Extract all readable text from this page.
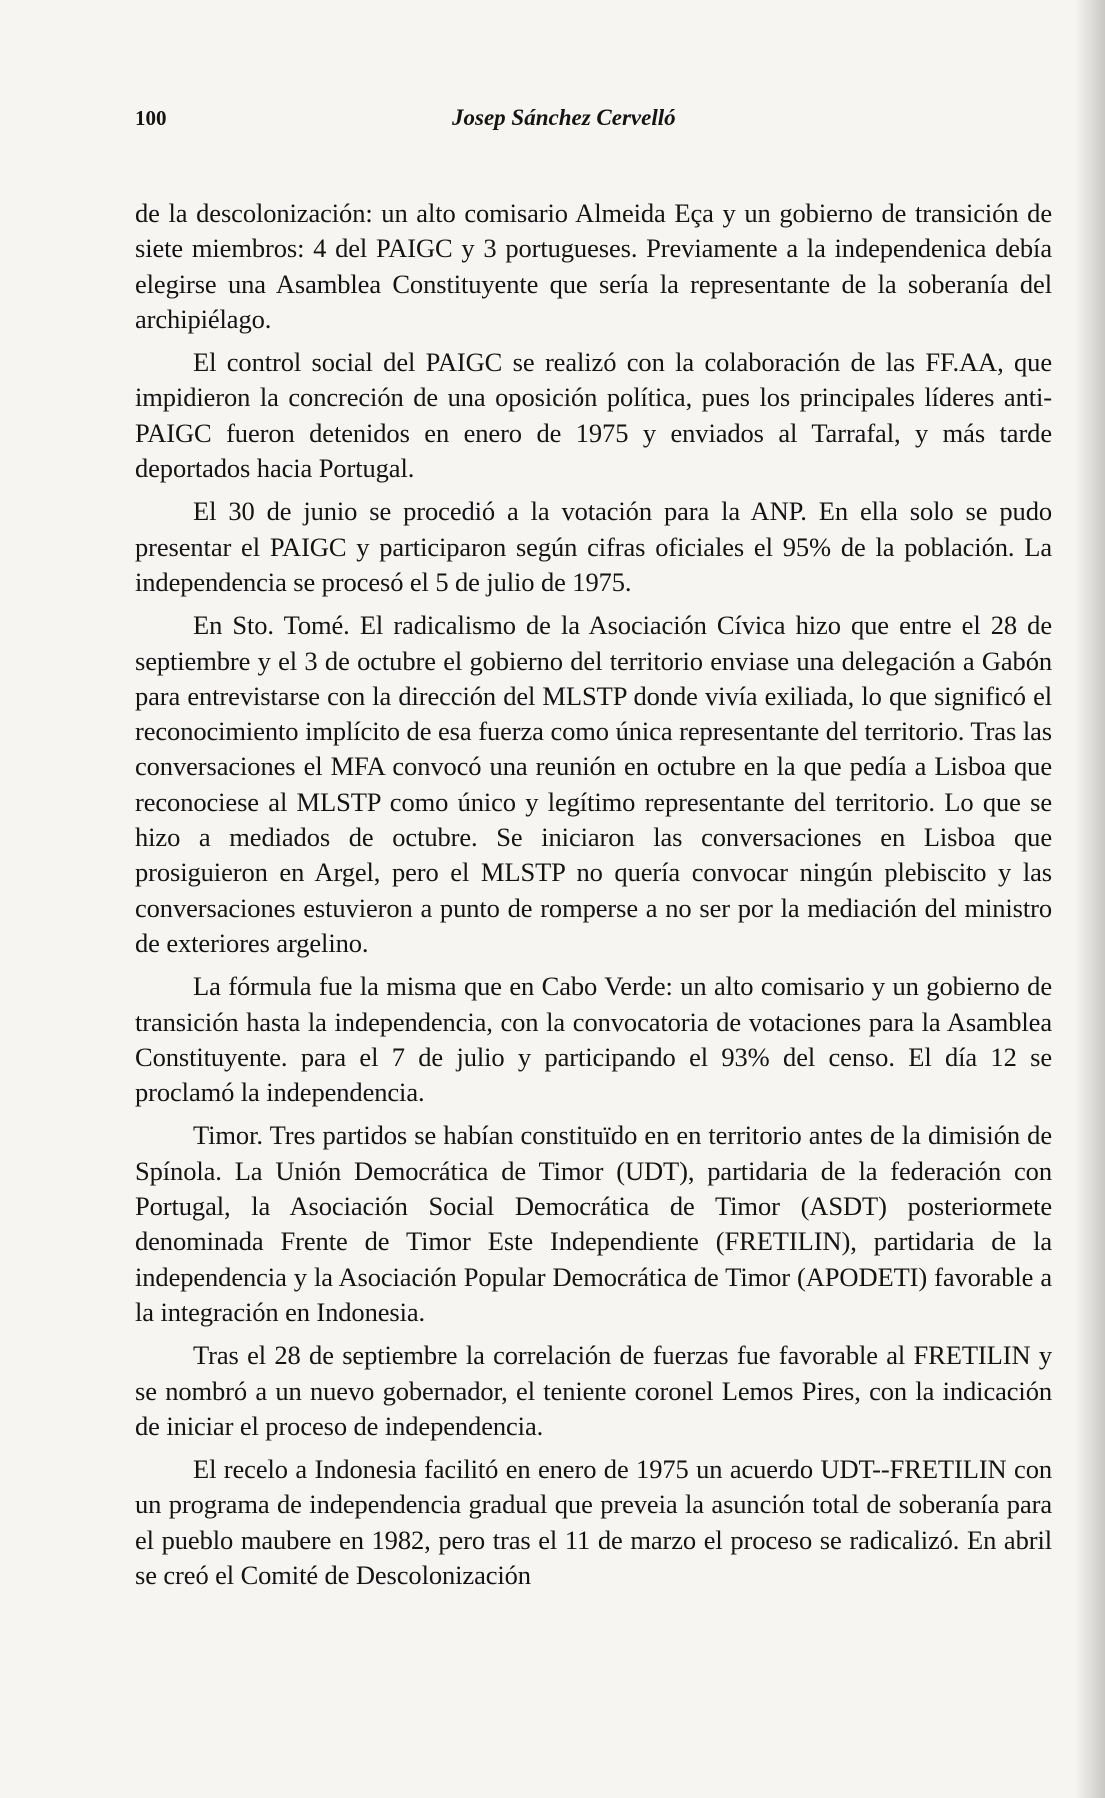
100	Josep Sánchez Cervelló

de la descolonización: un alto comisario Almeida Eça y un gobierno de transición de siete miembros: 4 del PAIGC y 3 portugueses. Previamente a la independenica debía elegirse una Asamblea Constituyente que sería la representante de la soberanía del archipiélago.

El control social del PAIGC se realizó con la colaboración de las FF.AA, que impidieron la concreción de una oposición política, pues los principales líderes anti-PAIGC fueron detenidos en enero de 1975 y enviados al Tarrafal, y más tarde deportados hacia Portugal.

El 30 de junio se procedió a la votación para la ANP. En ella solo se pudo presentar el PAIGC y participaron según cifras oficiales el 95% de la población. La independencia se procesó el 5 de julio de 1975.

En Sto. Tomé. El radicalismo de la Asociación Cívica hizo que entre el 28 de septiembre y el 3 de octubre el gobierno del territorio enviase una delegación a Gabón para entrevistarse con la dirección del MLSTP donde vivía exiliada, lo que significó el reconocimiento implícito de esa fuerza como única representante del territorio. Tras las conversaciones el MFA convocó una reunión en octubre en la que pedía a Lisboa que reconociese al MLSTP como único y legítimo representante del territorio. Lo que se hizo a mediados de octubre. Se iniciaron las conversaciones en Lisboa que prosiguieron en Argel, pero el MLSTP no quería convocar ningún plebiscito y las conversaciones estuvieron a punto de romperse a no ser por la mediación del ministro de exteriores argelino.

La fórmula fue la misma que en Cabo Verde: un alto comisario y un gobierno de transición hasta la independencia, con la convocatoria de votaciones para la Asamblea Constituyente. para el 7 de julio y participando el 93% del censo. El día 12 se proclamó la independencia.

Timor. Tres partidos se habían constituïdo en en territorio antes de la dimisión de Spínola. La Unión Democrática de Timor (UDT), partidaria de la federación con Portugal, la Asociación Social Democrática de Timor (ASDT) posteriormete denominada Frente de Timor Este Independiente (FRETILIN), partidaria de la independencia y la Asociación Popular Democrática de Timor (APODETI) favorable a la integración en Indonesia.

Tras el 28 de septiembre la correlación de fuerzas fue favorable al FRETILIN y se nombró a un nuevo gobernador, el teniente coronel Lemos Pires, con la indicación de iniciar el proceso de independencia.

El recelo a Indonesia facilitó en enero de 1975 un acuerdo UDT--FRETILIN con un programa de independencia gradual que preveia la asunción total de soberanía para el pueblo maubere en 1982, pero tras el 11 de marzo el proceso se radicalizó. En abril se creó el Comité de Descolonización
